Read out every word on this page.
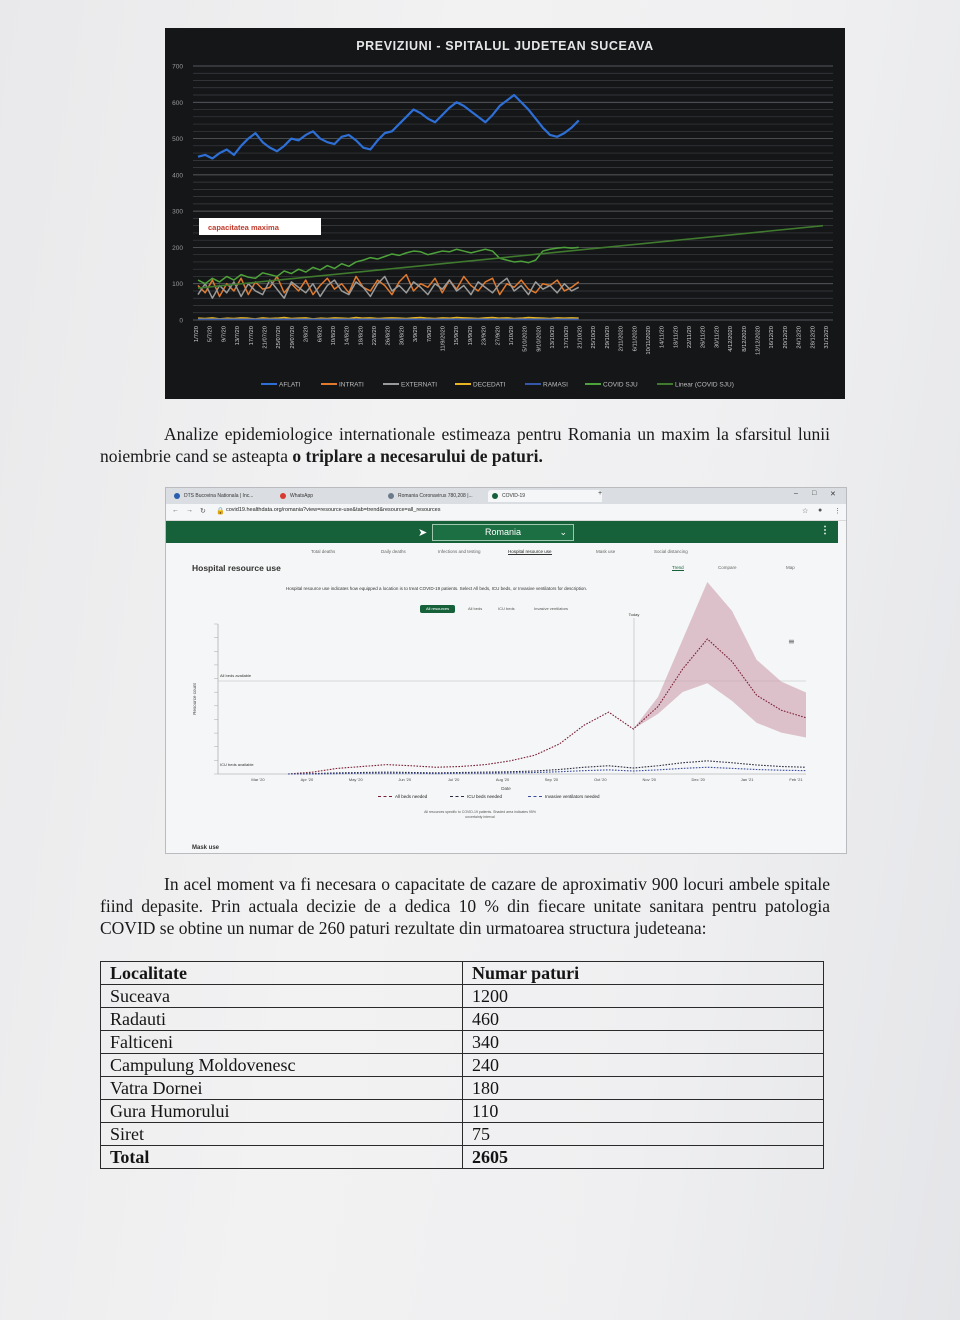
PREVIZIUNI - SPITALUL JUDETEAN SUCEAVA
0
100
200
300
400
500
600
700
1/7/20 5/7/20 9/7/20 13/7/20 17/7/20 21/07/20 25/07/20 29/07/20 2/8/20 6/8/20 10/8/20 14/8/20 18/8/20 22/8/20 26/8/20 30/8/20 3/9/20 7/9/20 11/9/2020 15/9/20 19/9/20 23/9/20 27/9/20 1/10/20 5/10/2020 9/10/2020 13/10/20 17/10/20 21/10/20 25/10/20 29/10/20 2/11/2020 6/11/2020 10/11/2020 14/11/20 18/11/20 22/11/20 26/11/20 30/11/20 4/12/2020 8/12/2020 12/12/2020 16/12/20 20/12/20 24/12/20 28/12/20 31/12/20
capacitatea maxima
AFLATI	INTRATI	EXTERNATI	DECEDATI	RAMASI	COVID SJU	Linear (COVID SJU)

Analize epidemiologice internationale estimeaza pentru Romania un maxim la sfarsitul lunii noiembrie cand se asteapta o triplare a necesarului de paturi.

DTS Bucovina Nationala | Inc...	WhatsApp	Romania Coronavirus 780,208 |...	COVID-19	+	– □ ✕
← → ↻ 🔒 covid19.healthdata.org/romania?view=resource-use&tab=trend&resource=all_resources	☆ ● ⋮
➤	Romania	⌄	⋮
Total deaths	Daily deaths	Infections and testing	Hospital resource use	Mask use	Social distancing
Hospital resource use	Trend	Compare	Map
Hospital resource use indicates how equipped a location is to treat COVID-19 patients. Select All beds, ICU beds, or Invasive ventilators for description.
All resources	All beds	ICU beds	Invasive ventilators
Resource count
Date
All beds available
ICU beds available
Today
Mar '20	Apr '20	May '20	Jun '20	Jul '20	Aug '20	Sep '20	Oct '20	Nov '20	Dec '20	Jan '21	Feb '21
≡
All beds needed	ICU beds needed	Invasive ventilators needed
All resources specific to COVID-19 patients. Shaded area indicates 95% uncertainty interval
Mask use

In acel moment va fi necesara o capacitate de cazare de aproximativ 900 locuri ambele spitale fiind depasite. Prin actuala decizie de a dedica 10 % din fiecare unitate sanitara pentru patologia COVID se obtine un numar de 260 paturi rezultate din urmatoarea structura judeteana:

Localitate	Numar paturi
Suceava	1200
Radauti	460
Falticeni	340
Campulung Moldovenesc	240
Vatra Dornei	180
Gura Humorului	110
Siret	75
Total	2605
